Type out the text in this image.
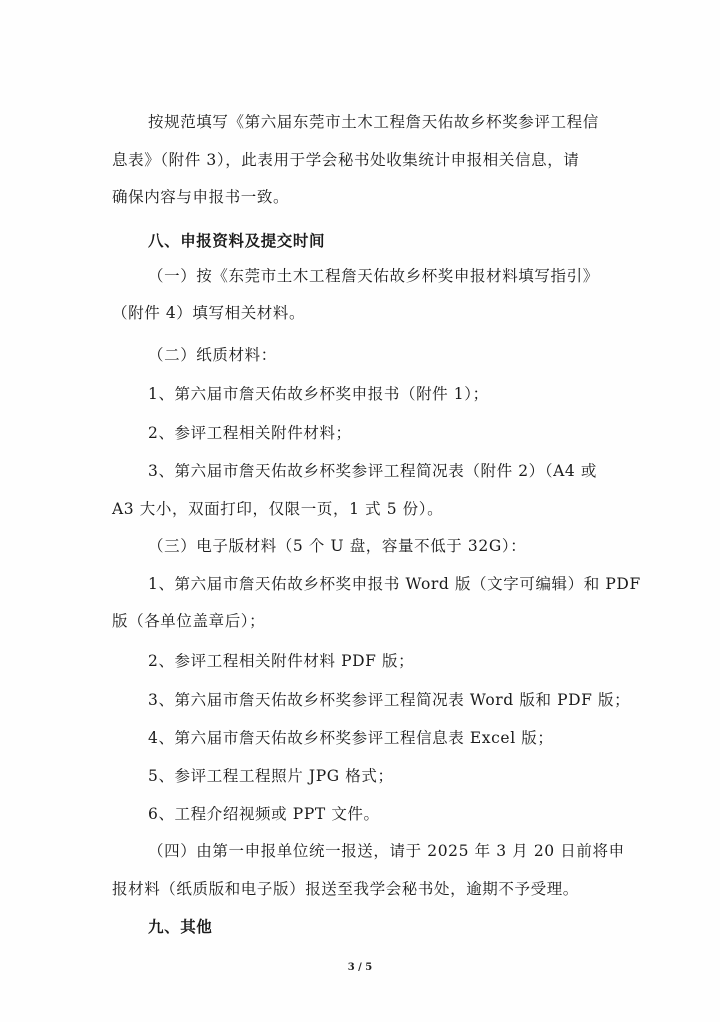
按规范填写《第六届东莞市土木工程詹天佑故乡杯奖参评工程信
息表》（附件 3），此表用于学会秘书处收集统计申报相关信息，请
确保内容与申报书一致。
八、申报资料及提交时间
（一）按《东莞市土木工程詹天佑故乡杯奖申报材料填写指引》
（附件 4）填写相关材料。
（二）纸质材料：
1、第六届市詹天佑故乡杯奖申报书（附件 1）；
2、参评工程相关附件材料；
3、第六届市詹天佑故乡杯奖参评工程简况表（附件 2）（A4 或
A3 大小，双面打印，仅限一页，1 式 5 份）。
（三）电子版材料（5 个 U 盘，容量不低于 32G）：
1、第六届市詹天佑故乡杯奖申报书 Word 版（文字可编辑）和 PDF
版（各单位盖章后）；
2、参评工程相关附件材料 PDF 版；
3、第六届市詹天佑故乡杯奖参评工程简况表 Word 版和 PDF 版；
4、第六届市詹天佑故乡杯奖参评工程信息表 Excel 版；
5、参评工程工程照片 JPG 格式；
6、工程介绍视频或 PPT 文件。
（四）由第一申报单位统一报送，请于 2025 年 3 月 20 日前将申
报材料（纸质版和电子版）报送至我学会秘书处，逾期不予受理。
九、其他
3 / 5
